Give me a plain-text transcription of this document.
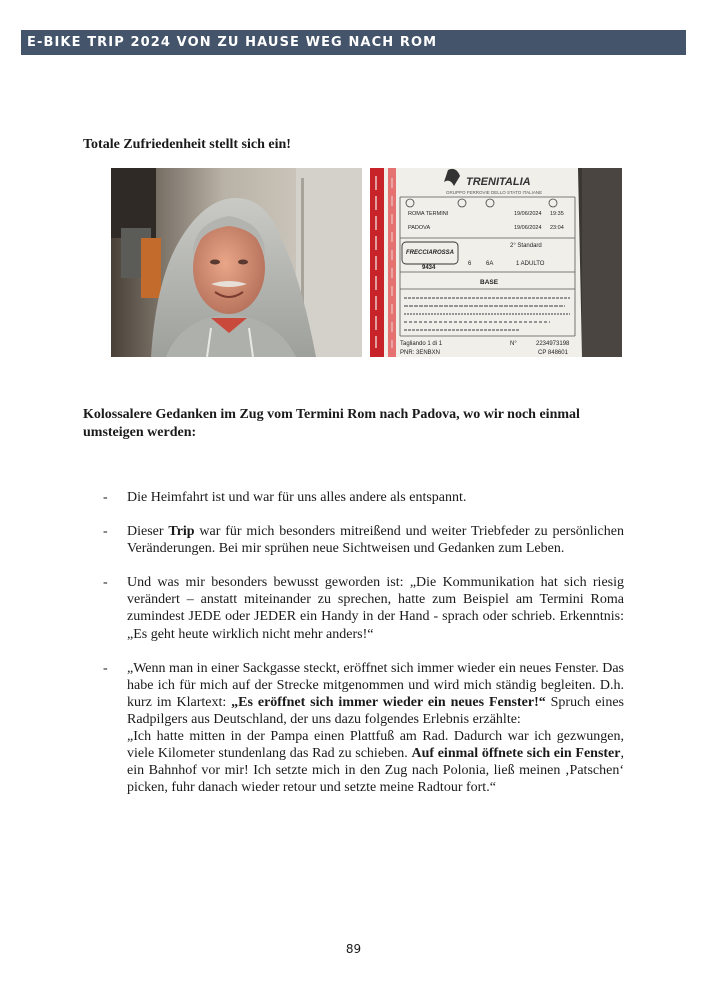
E-BIKE TRIP 2024 VON ZU HAUSE WEG NACH ROM
Totale Zufriedenheit stellt sich ein!
TRENITALIA
GRUPPO FERROVIE DELLO STATO ITALIANE
ROMA TERMINI	19/06/2024 19:35
PADOVA	19/06/2024 23:04
FRECCIAROSSA
9434
6 6A
2° Standard
1 ADULTO
BASE
Tagliando 1 di 1
PNR: 3ENBXN
N°	2234973198
CP 848601
Kolossalere Gedanken im Zug vom Termini Rom nach Padova, wo wir noch einmal umsteigen werden:
- Die Heimfahrt ist und war für uns alles andere als entspannt.

- Dieser Trip war für mich besonders mitreißend und weiter Triebfeder zu persönlichen Veränderungen. Bei mir sprühen neue Sichtweisen und Gedanken zum Leben.

- Und was mir besonders bewusst geworden ist: „Die Kommunikation hat sich riesig verändert – anstatt miteinander zu sprechen, hatte zum Beispiel am Termini Roma zumindest JEDE oder JEDER ein Handy in der Hand - sprach oder schrieb. Erkenntnis: „Es geht heute wirklich nicht mehr anders!“

- „Wenn man in einer Sackgasse steckt, eröffnet sich immer wieder ein neues Fenster. Das habe ich für mich auf der Strecke mitgenommen und wird mich ständig begleiten. D.h. kurz im Klartext: „Es eröffnet sich immer wieder ein neues Fenster!“ Spruch eines Radpilgers aus Deutschland, der uns dazu folgendes Erlebnis erzählte:

„Ich hatte mitten in der Pampa einen Plattfuß am Rad. Dadurch war ich gezwungen, viele Kilometer stundenlang das Rad zu schieben. Auf einmal öffnete sich ein Fenster, ein Bahnhof vor mir! Ich setzte mich in den Zug nach Polonia, ließ meinen ‚Patschen‘ picken, fuhr danach wieder retour und setzte meine Radtour fort.“

89
